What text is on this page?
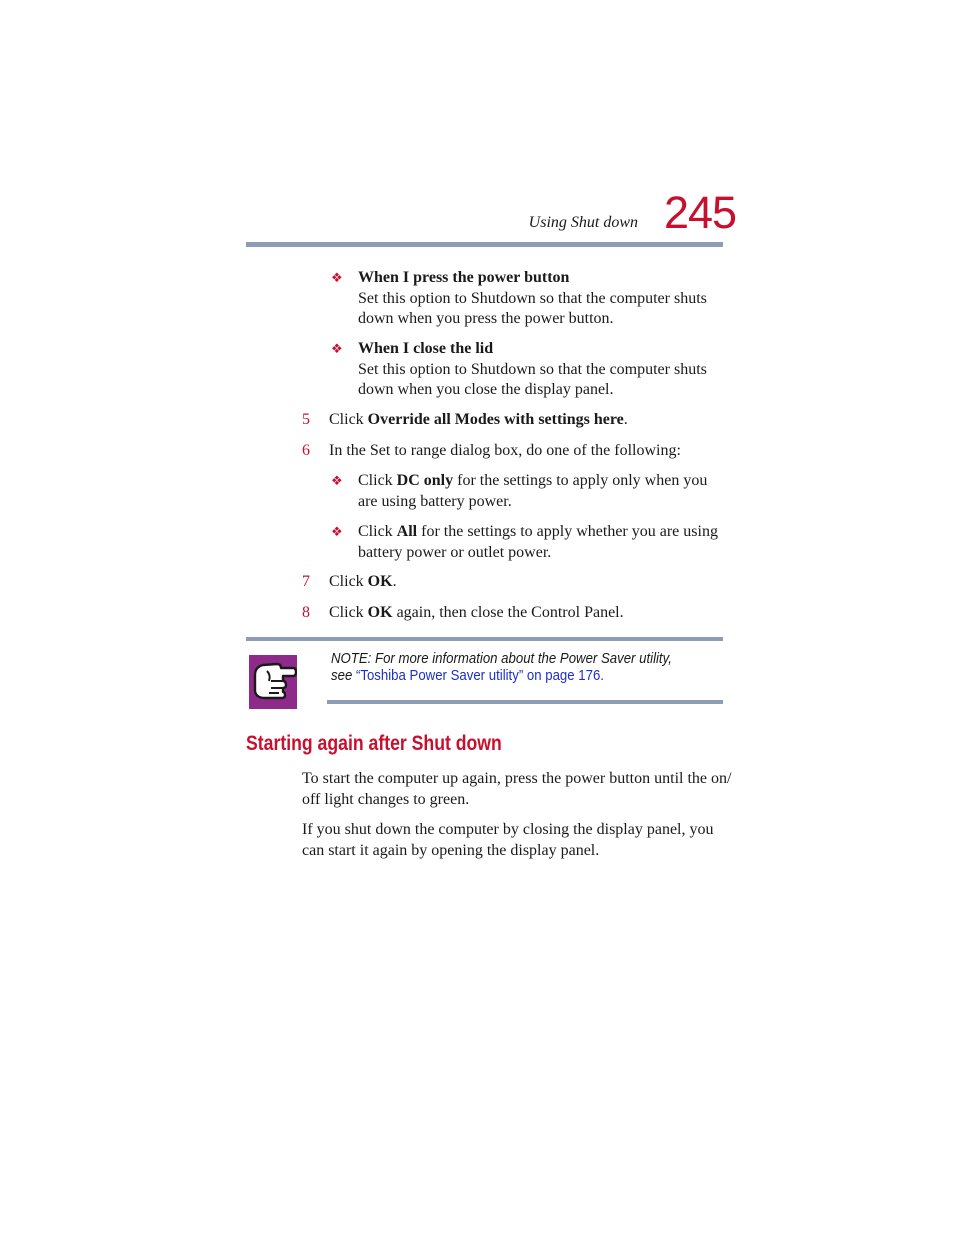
Using Shut down 245
❖ When I press the power button
Set this option to Shutdown so that the computer shuts
down when you press the power button.
❖ When I close the lid
Set this option to Shutdown so that the computer shuts
down when you close the display panel.
5 Click Override all Modes with settings here.
6 In the Set to range dialog box, do one of the following:
❖ Click DC only for the settings to apply only when you
are using battery power.
❖ Click All for the settings to apply whether you are using
battery power or outlet power.
7 Click OK.
8 Click OK again, then close the Control Panel.
NOTE: For more information about the Power Saver utility,
see “Toshiba Power Saver utility” on page 176.
Starting again after Shut down
To start the computer up again, press the power button until the on/
off light changes to green.
If you shut down the computer by closing the display panel, you
can start it again by opening the display panel.
